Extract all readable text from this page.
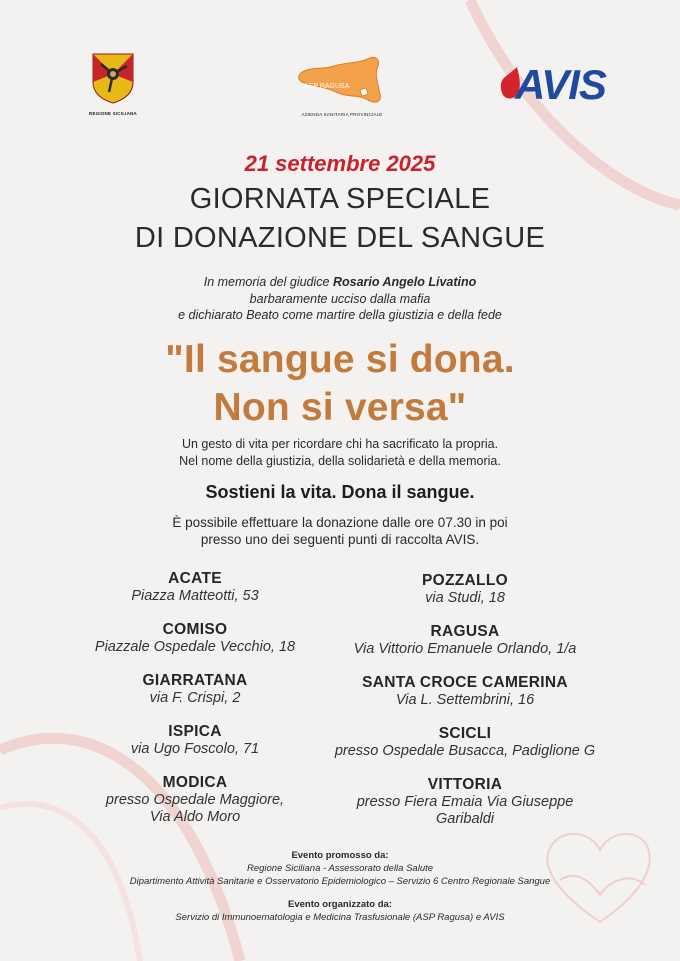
REGIONE SICILIANA
ASP RAGUSA
AZIENDA SANITARIA PROVINCIALE
AVIS
21 settembre 2025
GIORNATA SPECIALE
DI DONAZIONE DEL SANGUE
In memoria del giudice Rosario Angelo Livatino
barbaramente ucciso dalla mafia
e dichiarato Beato come martire della giustizia e della fede
"Il sangue si dona.
Non si versa"
Un gesto di vita per ricordare chi ha sacrificato la propria.
Nel nome della giustizia, della solidarietà e della memoria.
Sostieni la vita. Dona il sangue.
È possibile effettuare la donazione dalle ore 07.30 in poi
presso uno dei seguenti punti di raccolta AVIS.
ACATE
Piazza Matteotti, 53
COMISO
Piazzale Ospedale Vecchio, 18
GIARRATANA
via F. Crispi, 2
ISPICA
via Ugo Foscolo, 71
MODICA
presso Ospedale Maggiore, Via Aldo Moro
POZZALLO
via Studi, 18
RAGUSA
Via Vittorio Emanuele Orlando, 1/a
SANTA CROCE CAMERINA
Via L. Settembrini, 16
SCICLI
presso Ospedale Busacca, Padiglione G
VITTORIA
presso Fiera Emaia Via Giuseppe Garibaldi
Evento promosso da:
Regione Siciliana - Assessorato della Salute
Dipartimento Attività Sanitarie e Osservatorio Epidemiologico – Servizio 6 Centro Regionale Sangue
Evento organizzato da:
Servizio di Immunoematologia e Medicina Trasfusionale (ASP Ragusa) e AVIS
